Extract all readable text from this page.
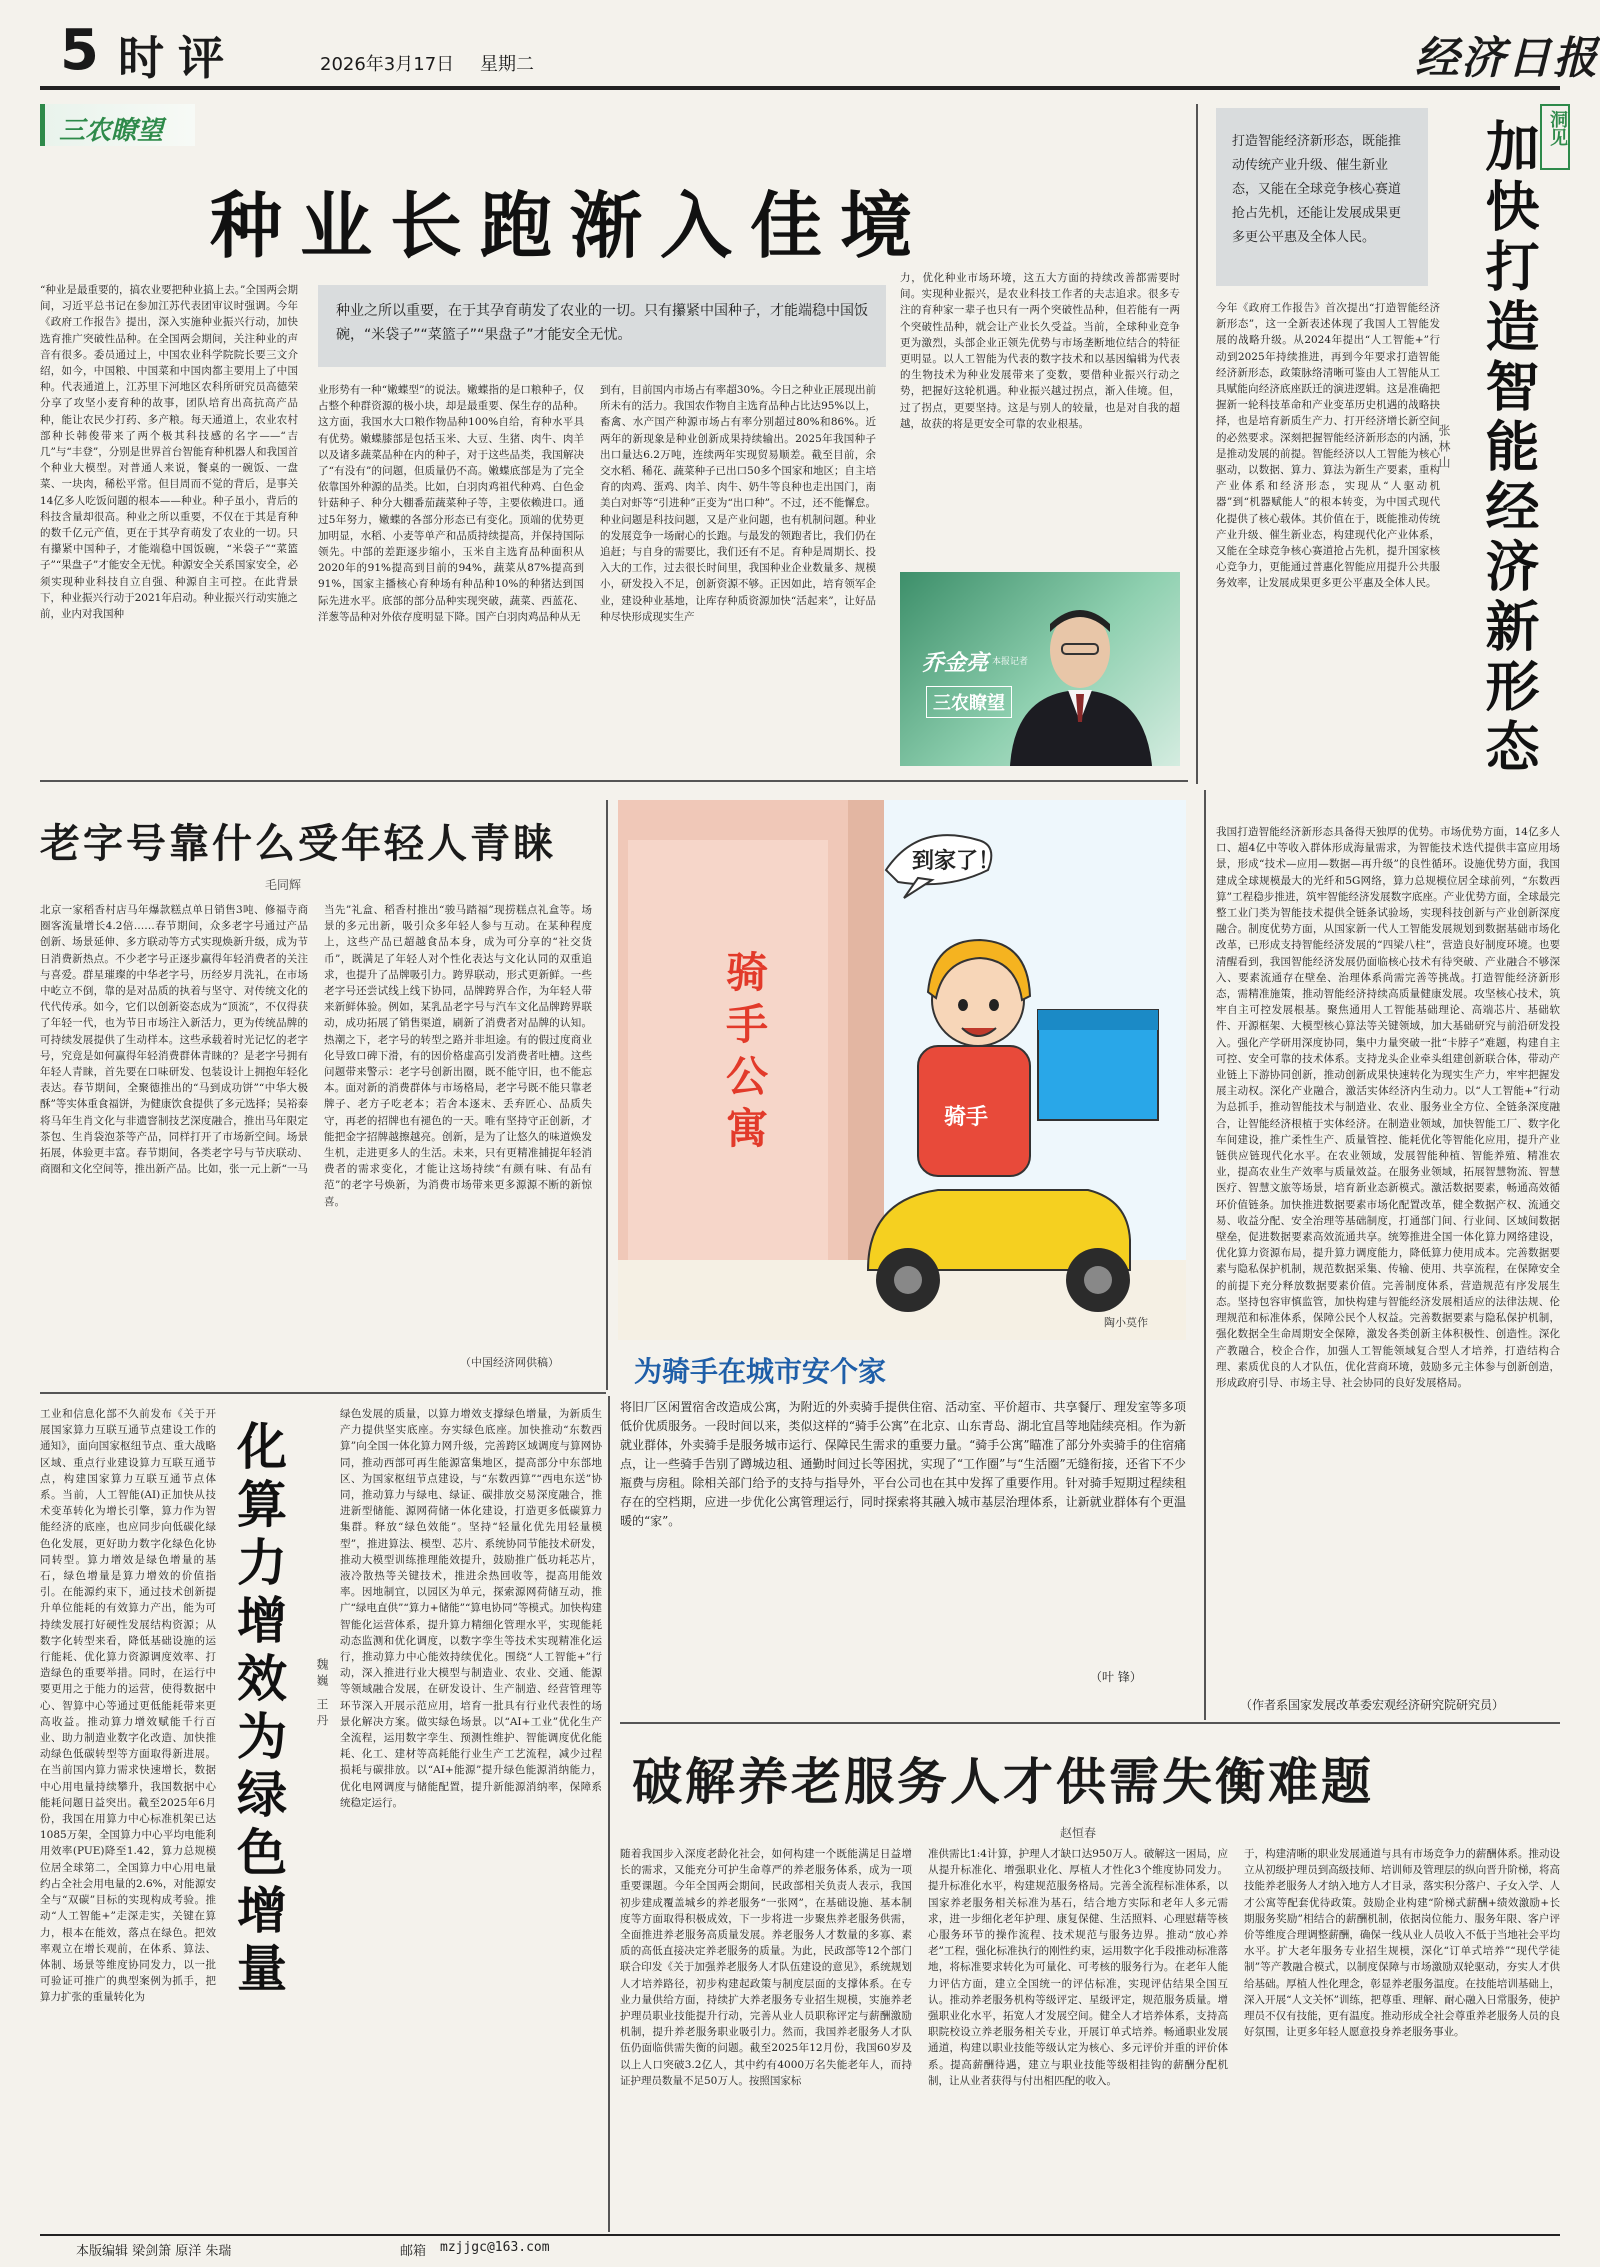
5 时评	2026年3月17日 星期二	经济日报
三农瞭望
种业长跑渐入佳境
种业之所以重要，在于其孕育萌发了农业的一切。只有攥紧中国种子，才能端稳中国饭碗，“米袋子”“菜篮子”“果盘子”才能安全无忧。
“种业是最重要的，搞农业要把种业搞上去。”全国两会期间，习近平总书记在参加江苏代表团审议时强调。今年《政府工作报告》提出，深入实施种业振兴行动，加快选育推广突破性品种。在全国两会期间，关注种业的声音有很多。委员通过上，中国农业科学院院长要三文介绍，如今，中国粮、中国菜和中国肉都主要用上了中国种。代表通道上，江苏里下河地区农科所研究员高德荣分享了攻坚小麦育种的故事，团队培育出高抗高产品种，能让农民少打药、多产粮。每天通道上，农业农村部种长韩俊带来了两个极其科技感的名字——“吉几”与“丰登”，分别是世界首台智能育种机器人和我国首个种业大模型。对普通人来说，餐桌的一碗饭、一盘菜、一块肉，稀松平常。但目周而不觉的背后，是事关14亿多人吃饭问题的根本——种业。种子虽小，背后的科技含量却很高。种业之所以重要，不仅在于其是育种的数千亿元产值，更在于其孕育萌发了农业的一切。只有攥紧中国种子，才能端稳中国饭碗，“米袋子”“菜篮子”“果盘子”才能安全无忧。种源安全关系国家安全，必须实现种业科技自立自强、种源自主可控。在此背景下，种业振兴行动于2021年启动。种业振兴行动实施之前，业内对我国种
业形势有一种“嫩蝶型”的说法。嫩蝶指的是口粮种子，仅占整个种群资源的极小块，却是最重要、保生存的品种。这方面，我国水大口粮作物品种100%自给，育种水平具有优势。嫩蝶膝部是包括玉米、大豆、生猪、肉牛、肉羊以及诸多蔬菜品种在内的种子，对于这些品类，我国解决了“有没有”的问题，但质量仍不高。嫩蝶底部是为了完全依靠国外种源的品类。比如，白羽肉鸡祖代种鸡、白色金针菇种子、种分大棚番茄蔬菜种子等，主要依赖进口。通过5年努力，嫩蝶的各部分形态已有变化。顶端的优势更加明显，水稻、小麦等单产和品质持续提高，并保持国际领先。中部的差距逐步缩小，玉米自主选育品种面积从2020年的91%提高到目前的94%，蔬菜从87%提高到91%，国家主播核心育种场有种品种10%的种猪达到国际先进水平。底部的部分品种实现突破，蔬菜、西蓝花、洋葱等品种对外依存度明显下降。国产白羽肉鸡品种从无
到有，目前国内市场占有率超30%。今日之种业正展现出前所未有的活力。我国农作物自主选育品种占比达95%以上，畜禽、水产国产种源市场占有率分别超过80%和86%。近两年的新现象是种业创新成果持续输出。2025年我国种子出口量达6.2万吨，连续两年实现贸易顺差。截至目前，余交水稻、稀花、蔬菜种子已出口50多个国家和地区；自主培育的肉鸡、蛋鸡、肉羊、肉牛、奶牛等良种也走出国门，南美白对虾等“引进种”正变为“出口种”。不过，还不能懈怠。种业问题是科技问题，又是产业问题，也有机制问题。种业的发展竞争一场耐心的长跑。与最发的领跑者比，我们仍在追赶；与自身的需要比，我们还有不足。育种是周期长、投入大的工作，过去很长时间里，我国种业企业数量多、规模小，研发投入不足，创新资源不够。正因如此，培育领军企业，建设种业基地，让库存种质资源加快“活起来”，让好品种尽快形成现实生产
力，优化种业市场环境，这五大方面的持续改善都需要时间。实现种业振兴，是农业科技工作者的夫志追求。很多专注的育种家一辈子也只有一两个突破性品种，但若能有一两个突破性品种，就会让产业长久受益。当前，全球种业竞争更为激烈，头部企业正领先优势与市场垄断地位结合的特征更明显。以人工智能为代表的数字技术和以基因编辑为代表的生物技术为种业发展带来了变数，要借种业振兴行动之势，把握好这轮机遇。种业振兴越过拐点，渐入佳境。但，过了拐点，更要坚持。这是与别人的较量，也是对自我的超越，故获的将是更安全可靠的农业根基。
乔金亮 本报记者
三农瞭望
打造智能经济新形态，既能推动传统产业升级、催生新业态，又能在全球竞争核心赛道抢占先机，还能让发展成果更多更公平惠及全体人民。
洞见
加快打造智能经济新形态
张林山
今年《政府工作报告》首次提出“打造智能经济新形态”，这一全新表述体现了我国人工智能发展的战略升级。从2024年提出“人工智能+”行动到2025年持续推进，再到今年要求打造智能经济新形态，政策脉络清晰可鉴由人工智能从工具赋能向经济底座跃迁的演进逻辑。这是准确把握新一轮科技革命和产业变革历史机遇的战略抉择，也是培育新质生产力、打开经济增长新空间的必然要求。深刻把握智能经济新形态的内涵，是推动发展的前提。智能经济以人工智能为核心驱动，以数据、算力、算法为新生产要素，重构产业体系和经济形态，实现从“人驱动机器”到“机器赋能人”的根本转变，为中国式现代化提供了核心载体。其价值在于，既能推动传统产业升级、催生新业态，构建现代化产业体系，又能在全球竞争核心赛道抢占先机，提升国家核心竞争力，更能通过普惠化智能应用提升公共服务效率，让发展成果更多更公平惠及全体人民。
我国打造智能经济新形态具备得天独厚的优势。市场优势方面，14亿多人口、超4亿中等收入群体形成海量需求，为智能技术迭代提供丰富应用场景，形成“技术—应用—数据—再升级”的良性循环。设施优势方面，我国建成全球规模最大的光纤和5G网络，算力总规模位居全球前列，“东数西算”工程稳步推进，筑牢智能经济发展数字底座。产业优势方面，全球最完整工业门类为智能技术提供全链条试验场，实现科技创新与产业创新深度融合。制度优势方面，从国家新一代人工智能发展规划到数据基础市场化改革，已形成支持智能经济发展的“四梁八柱”，营造良好制度环境。也要清醒看到，我国智能经济发展仍面临核心技术有待突破、产业融合不够深入、要素流通存在壁垒、治理体系尚需完善等挑战。打造智能经济新形态，需精准施策，推动智能经济持续高质量健康发展。攻坚核心技术，筑牢自主可控发展根基。聚焦通用人工智能基础理论、高端芯片、基础软件、开源框架、大模型核心算法等关键领域，加大基础研究与前沿研发投入。强化产学研用深度协同，集中力量突破一批“卡脖子”难题，构建自主可控、安全可靠的技术体系。支持龙头企业牵头组建创新联合体，带动产业链上下游协同创新，推动创新成果快速转化为现实生产力，牢牢把握发展主动权。深化产业融合，激活实体经济内生动力。以“人工智能+”行动为总抓手，推动智能技术与制造业、农业、服务业全方位、全链条深度融合，让智能经济根植于实体经济。在制造业领域，加快智能工厂、数字化车间建设，推广柔性生产、质量管控、能耗优化等智能化应用，提升产业链供应链现代化水平。在农业领域，发展智能种植、智能养殖、精准农业，提高农业生产效率与质量效益。在服务业领域，拓展智慧物流、智慧医疗、智慧文旅等场景，培育新业态新模式。激活数据要素，畅通高效循环价值链条。加快推进数据要素市场化配置改革，健全数据产权、流通交易、收益分配、安全治理等基础制度，打通部门间、行业间、区域间数据壁垒，促进数据要素高效流通共享。统筹推进全国一体化算力网络建设，优化算力资源布局，提升算力调度能力，降低算力使用成本。完善数据要素与隐私保护机制，规范数据采集、传输、使用、共享流程，在保障安全的前提下充分释放数据要素价值。完善制度体系，营造规范有序发展生态。坚持包容审慎监管，加快构建与智能经济发展相适应的法律法规、伦理规范和标准体系，保障公民个人权益。完善数据要素与隐私保护机制，强化数据全生命周期安全保障，激发各类创新主体积极性、创造性。深化产教融合，校企合作，加强人工智能领域复合型人才培养，打造结构合理、素质优良的人才队伍，优化营商环境，鼓励多元主体参与创新创造，形成政府引导、市场主导、社会协同的良好发展格局。
（作者系国家发展改革委宏观经济研究院研究员）
老字号靠什么受年轻人青睐
毛同辉
北京一家稻香村店马年爆款糕点单日销售3吨、修福寺商圈客流量增长4.2倍……春节期间，众多老字号通过产品创新、场景延伸、多方联动等方式实现焕新升级，成为节日消费新热点。不少老字号正逐步赢得年轻消费者的关注与喜爱。群星璀璨的中华老字号，历经岁月洗礼，在市场中屹立不倒，靠的是对品质的执着与坚守、对传统文化的代代传承。如今，它们以创新姿态成为“顶流”，不仅得获了年轻一代，也为节日市场注入新活力，更为传统品牌的可持续发展提供了生动样本。这些承载着时光记忆的老字号，究竟是如何赢得年轻消费群体青睐的？是老字号拥有年轻人青睐，首先要在口味研发、包装设计上拥抱年轻化表达。春节期间，全聚德推出的“马到成功饼”“中华大极酥”等实体重食福饼，为健康饮食提供了多元选择；吴裕泰将马年生肖文化与非遗窨制技艺深度融合，推出马年限定茶包、生肖袋泡茶等产品，同样打开了市场新空间。场景拓展，体验更丰富。春节期间，各类老字号与节庆联动、商圈和文化空间等，推出新产品。比如，张一元上新“一马
当先”礼盒、稻香村推出“骏马踏福”现捞糕点礼盒等。场景的多元出新，吸引众多年轻人参与互动。在某种程度上，这些产品已超越食品本身，成为可分享的“社交货币”，既满足了年轻人对个性化表达与文化认同的双重追求，也提升了品牌吸引力。跨界联动，形式更新鲜。一些老字号还尝试线上线下协同，品牌跨界合作，为年轻人带来新鲜体验。例如，某乳品老字号与汽车文化品牌跨界联动，成功拓展了销售渠道，刷新了消费者对品牌的认知。热潮之下，老字号的转型之路并非坦途。有的假过度商业化导致口碑下滑，有的因价格虚高引发消费者吐槽。这些问题带来警示：老字号创新出圈，既不能守旧，也不能忘本。面对新的消费群体与市场格局，老字号既不能只靠老牌子、老方子吃老本；若舍本逐末、丢弃匠心、品质失守，再老的招牌也有褪色的一天。唯有坚持守正创新，才能把金字招牌越擦越亮。创新，是为了让悠久的味道焕发生机，走进更多人的生活。未来，只有更精准捕捉年轻消费者的需求变化，才能让这场持续“有颜有味、有品有范”的老字号焕新，为消费市场带来更多源源不断的新惊喜。
（中国经济网供稿）
到家了！
骑手公寓	骑手
陶小莫作
为骑手在城市安个家
将旧厂区闲置宿舍改造成公寓，为附近的外卖骑手提供住宿、活动室、平价超市、共享餐厅、理发室等多项低价优质服务。一段时间以来，类似这样的“骑手公寓”在北京、山东青岛、湖北宜昌等地陆续亮相。作为新就业群体，外卖骑手是服务城市运行、保障民生需求的重要力量。“骑手公寓”瞄准了部分外卖骑手的住宿痛点，让一些骑手告别了蹲城边租、通勤时间过长等困扰，实现了“工作圈”与“生活圈”无缝衔接，还省下不少瓶费与房租。除相关部门给予的支持与指导外，平台公司也在其中发挥了重要作用。针对骑手短期过程续租存在的空档期，应进一步优化公寓管理运行，同时探索将其融入城市基层治理体系，让新就业群体有个更温暖的“家”。
（叶 锋）
工业和信息化部不久前发布《关于开展国家算力互联互通节点建设工作的通知》，面向国家枢纽节点、重大战略区域、重点行业建设算力互联互通节点，构建国家算力互联互通节点体系。当前，人工智能(AI)正加快从技术变革转化为增长引擎，算力作为智能经济的底座，也应同步向低碳化绿色化发展，更好助力数字化绿色化协同转型。算力增效是绿色增量的基石，绿色增量是算力增效的价值指引。在能源约束下，通过技术创新提升单位能耗的有效算力产出，能为可持续发展打好硬性发展结构资源；从数字化转型来看，降低基础设施的运行能耗、优化算力资源调度效率、打造绿色的重要举措。同时，在运行中要更用之于能力的运营，使得数据中心、智算中心等通过更低能耗带来更高收益。推动算力增效赋能千行百业、助力制造业数字化改造、加快推动绿色低碳转型等方面取得新进展。在当前国内算力需求快速增长，数据中心用电量持续攀升，我国数据中心能耗问题日益突出。截至2025年6月份，我国在用算力中心标准机架已达1085万架，全国算力中心平均电能利用效率(PUE)降至1.42，算力总规模位居全球第二，全国算力中心用电量约占全社会用电量的2.6%，对能源安全与“双碳”目标的实现构成考验。推动“人工智能+”走深走实，关键在算力，根本在能效，落点在绿色。把效率观立在增长观前，在体系、算法、体制、场景等维度协同发力，以一批可验证可推广的典型案例为抓手，把算力扩张的重量转化为	化算力增效为绿色增量	魏巍 王丹
绿色发展的质量，以算力增效支撑绿色增量，为新质生产力提供坚实底座。夯实绿色底座。加快推动“东数西算”向全国一体化算力网升级，完善跨区域调度与算网协同，推动西部可再生能源富集地区，提高部分中东部地区、为国家枢纽节点建设，与“东数西算”“西电东送”协同，推动算力与绿电、绿证、碳排放交易深度融合，推进新型储能、源网荷储一体化建设，打造更多低碳算力集群。释放“绿色效能”。坚持“轻量化优先用轻量模型”，推进算法、模型、芯片、系统协同节能技术研发，推动大模型训练推理能效提升，鼓励推广低功耗芯片，液冷散热等关键技术，推进余热回收等，提高用能效率。因地制宜，以园区为单元，探索源网荷储互动，推广“绿电直供”“算力+储能”“算电协同”等模式。加快构建智能化运营体系，提升算力精细化管理水平，实现能耗动态监测和优化调度，以数字孪生等技术实现精准化运行，推动算力中心能效持续优化。围绕“人工智能+”行动，深入推进行业大模型与制造业、农业、交通、能源等领域融合发展，在研发设计、生产制造、经营管理等环节深入开展示范应用，培育一批具有行业代表性的场景化解决方案。做实绿色场景。以“AI+工业”优化生产全流程，运用数字孪生、预测性维护、智能调度优化能耗、化工、建材等高耗能行业生产工艺流程，减少过程损耗与碳排放。以“AI+能源”提升绿色能源消纳能力，优化电网调度与储能配置，提升新能源消纳率，保障系统稳定运行。	破解养老服务人才供需失衡难题
赵恒春
随着我国步入深度老龄化社会，如何构建一个既能满足日益增长的需求，又能充分可护生命尊严的养老服务体系，成为一项重要课题。今年全国两会期间，民政部相关负责人表示，我国初步建成覆盖城乡的养老服务“一张网”，在基础设施、基本制度等方面取得积极成效，下一步将进一步聚焦养老服务供需，全面推进养老服务高质量发展。养老服务人才数量的多寡、素质的高低直接决定养老服务的质量。为此，民政部等12个部门联合印发《关于加强养老服务人才队伍建设的意见》，系统规划人才培养路径，初步构建起政策与制度层面的支撑体系。在专业力量供给方面，持续扩大养老服务专业招生规模，实施养老护理员职业技能提升行动，完善从业人员职称评定与薪酬激励机制，提升养老服务职业吸引力。然而，我国养老服务人才队伍仍面临供需失衡的问题。截至2025年12月份，我国60岁及以上人口突破3.2亿人，其中约有4000万名失能老年人，而持证护理员数量不足50万人。按照国家标
准供需比1:4计算，护理人才缺口达950万人。破解这一困局，应从提升标准化、增强职业化、厚植人才性化3个维度协同发力。提升标准化水平，构建规范服务格局。完善全流程标准体系，以国家养老服务相关标准为基石，结合地方实际和老年人多元需求，进一步细化老年护理、康复保健、生活照料、心理慰藉等核心服务环节的操作流程、技术规范与服务边界。推动“放心养老”工程，强化标准执行的刚性约束，运用数字化手段推动标准落地，将标准要求转化为可量化、可考核的服务行为。在老年人能力评估方面，建立全国统一的评估标准，实现评估结果全国互认。推动养老服务机构等级评定、星级评定，规范服务质量。增强职业化水平，拓宽人才发展空间。健全人才培养体系，支持高职院校设立养老服务相关专业，开展订单式培养。畅通职业发展通道，构建以职业技能等级认定为核心、多元评价并重的评价体系。提高薪酬待遇，建立与职业技能等级相挂钩的薪酬分配机制，让从业者获得与付出相匹配的收入。
于，构建清晰的职业发展通道与具有市场竞争力的薪酬体系。推动设立从初级护理员到高级技师、培训师及管理层的纵向晋升阶梯，将高技能养老服务人才纳入地方人才目录，落实积分落户、子女入学、人才公寓等配套优待政策。鼓励企业构建“阶梯式薪酬+绩效激励+长期服务奖励”相结合的薪酬机制，依据岗位能力、服务年限、客户评价等维度合理调整薪酬，确保一线从业人员收入不低于当地社会平均水平。扩大老年服务专业招生规模，深化“订单式培养”“现代学徒制”等产教融合模式，以制度保障与市场激励双轮驱动，夯实人才供给基础。厚植人性化理念，彰显养老服务温度。在技能培训基础上，深入开展“人文关怀”训练，把尊重、理解、耐心融入日常服务，使护理员不仅有技能，更有温度。推动形成全社会尊重养老服务人员的良好氛围，让更多年轻人愿意投身养老服务事业。
本版编辑 梁剑箫 原洋 朱瑞	邮箱 mzjjgc@163.com
